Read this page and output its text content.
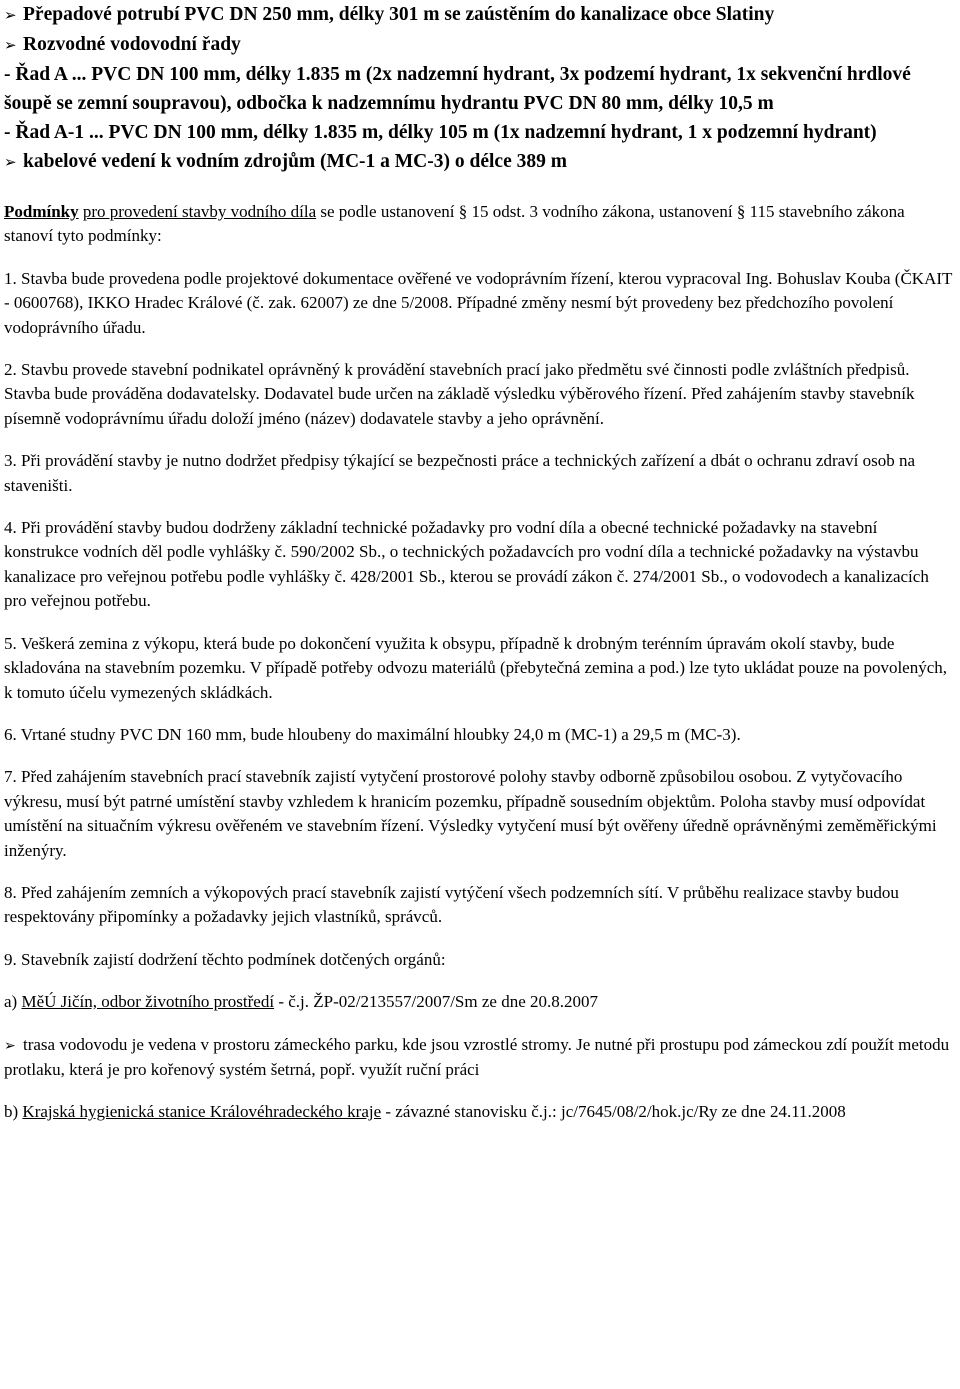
➢ Přepadové potrubí PVC DN 250 mm, délky 301 m se zaústěním do kanalizace obce Slatiny

➢ Rozvodné vodovodní řady

- Řad A ... PVC DN 100 mm, délky 1.835 m (2x nadzemní hydrant, 3x podzemí hydrant, 1x sekvenční hrdlové šoupě se zemní soupravou), odbočka k nadzemnímu hydrantu PVC DN 80 mm, délky 10,5 m

- Řad A-1 ... PVC DN 100 mm, délky 1.835 m, délky 105 m (1x nadzemní hydrant, 1 x podzemní hydrant)

➢ kabelové vedení k vodním zdrojům (MC-1 a MC-3) o délce 389 m

Podmínky pro provedení stavby vodního díla se podle ustanovení § 15 odst. 3 vodního zákona, ustanovení § 115 stavebního zákona stanoví tyto podmínky:

1. Stavba bude provedena podle projektové dokumentace ověřené ve vodoprávním řízení, kterou vypracoval Ing. Bohuslav Kouba (ČKAIT - 0600768), IKKO Hradec Králové (č. zak. 62007) ze dne 5/2008. Případné změny nesmí být provedeny bez předchozího povolení vodoprávního úřadu.

2. Stavbu provede stavební podnikatel oprávněný k provádění stavebních prací jako předmětu své činnosti podle zvláštních předpisů. Stavba bude prováděna dodavatelsky. Dodavatel bude určen na základě výsledku výběrového řízení. Před zahájením stavby stavebník písemně vodoprávnímu úřadu doloží jméno (název) dodavatele stavby a jeho oprávnění.

3. Při provádění stavby je nutno dodržet předpisy týkající se bezpečnosti práce a technických zařízení a dbát o ochranu zdraví osob na staveništi.

4. Při provádění stavby budou dodrženy základní technické požadavky pro vodní díla a obecné technické požadavky na stavební konstrukce vodních děl podle vyhlášky č. 590/2002 Sb., o technických požadavcích pro vodní díla a technické požadavky na výstavbu kanalizace pro veřejnou potřebu podle vyhlášky č. 428/2001 Sb., kterou se provádí zákon č. 274/2001 Sb., o vodovodech a kanalizacích pro veřejnou potřebu.

5. Veškerá zemina z výkopu, která bude po dokončení využita k obsypu, případně k drobným terénním úpravám okolí stavby, bude skladována na stavebním pozemku. V případě potřeby odvozu materiálů (přebytečná zemina a pod.) lze tyto ukládat pouze na povolených, k tomuto účelu vymezených skládkách.

6. Vrtané studny PVC DN 160 mm, bude hloubeny do maximální hloubky 24,0 m (MC-1) a 29,5 m (MC-3).

7. Před zahájením stavebních prací stavebník zajistí vytyčení prostorové polohy stavby odborně způsobilou osobou. Z vytyčovacího výkresu, musí být patrné umístění stavby vzhledem k hranicím pozemku, případně sousedním objektům. Poloha stavby musí odpovídat umístění na situačním výkresu ověřeném ve stavebním řízení. Výsledky vytyčení musí být ověřeny úředně oprávněnými zeměměřickými inženýry.

8. Před zahájením zemních a výkopových prací stavebník zajistí vytýčení všech podzemních sítí. V průběhu realizace stavby budou respektovány připomínky a požadavky jejich vlastníků, správců.

9. Stavebník zajistí dodržení těchto podmínek dotčených orgánů:

a) MěÚ Jičín, odbor životního prostředí - č.j. ŽP-02/213557/2007/Sm ze dne 20.8.2007

➢ trasa vodovodu je vedena v prostoru zámeckého parku, kde jsou vzrostlé stromy. Je nutné při prostupu pod zámeckou zdí použít metodu protlaku, která je pro kořenový systém šetrná, popř. využít ruční práci

b) Krajská hygienická stanice Královéhradeckého kraje - závazné stanovisku č.j.: jc/7645/08/2/hok.jc/Ry ze dne 24.11.2008
